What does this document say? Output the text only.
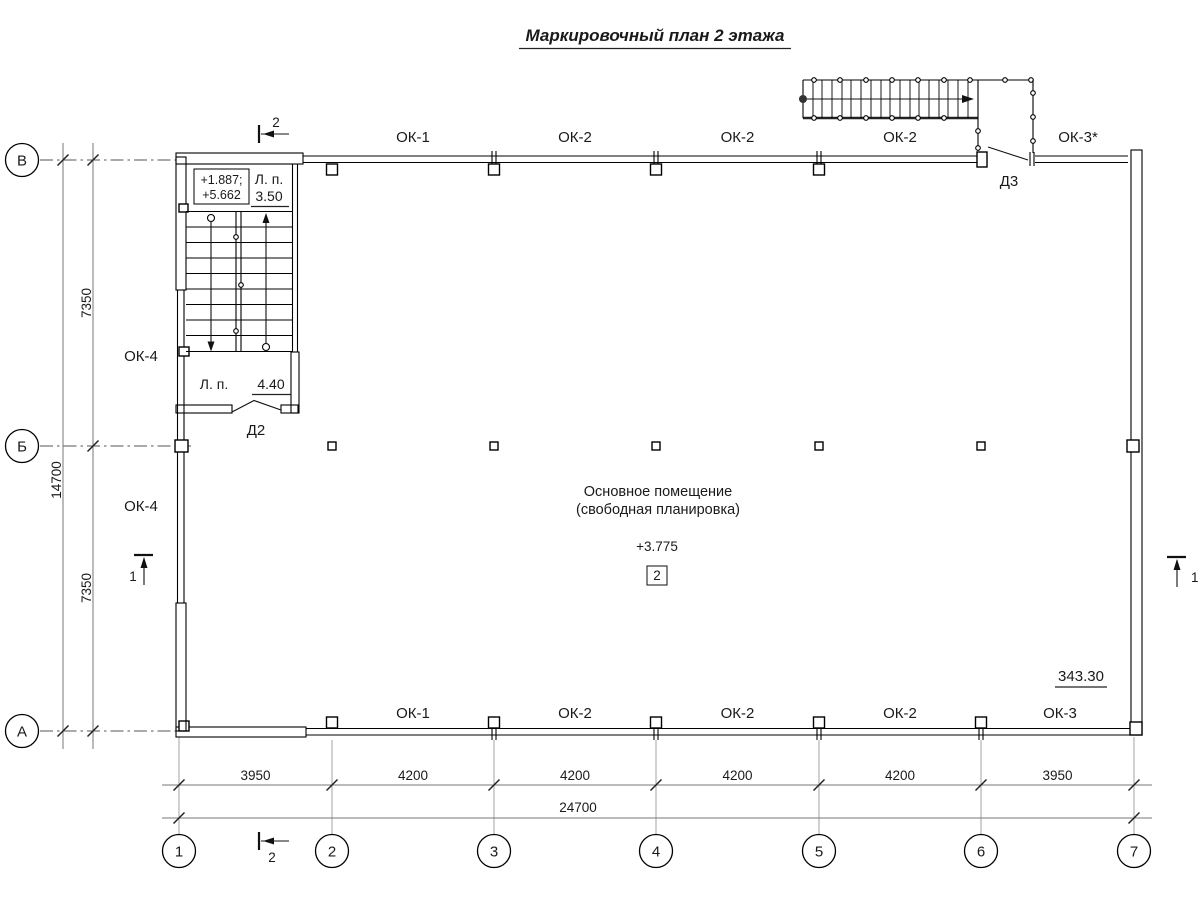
Маркировочный план 2 этажа
+1.887;
+5.662
Л. п.
3.50
Л. п. 4.40
Д2
Д3
ОК-1	ОК-2	ОК-2	ОК-2	ОК-3*
ОК-1	ОК-2	ОК-2	ОК-2	ОК-3
ОК-4
ОК-4
Основное помещение
(свободная планировка)
+3.775
2
343.30
2
2
1	1
3950	4200	4200	4200	4200	3950
24700
14700
7350
7350
1	2	3	4	5	6	7
В
Б
А
